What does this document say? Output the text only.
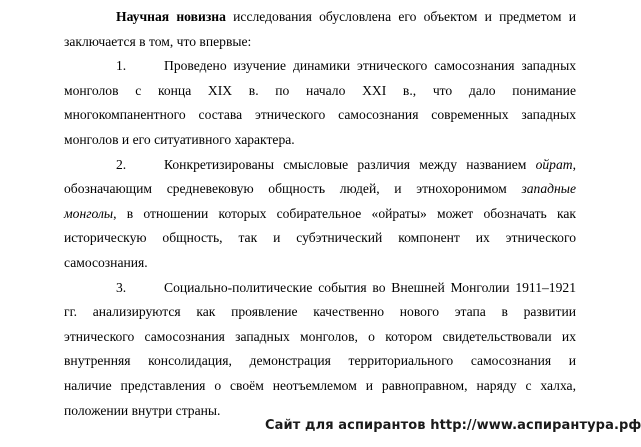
Научная новизна исследования обусловлена его объектом и предметом и
заключается в том, что впервые:
1.	Проведено изучение динамики этнического самосознания западных
монголов с конца XIX в. по начало XXI в., что дало понимание
многокомпанентного состава этнического самосознания современных западных
монголов и его ситуативного характера.
2.	Конкретизированы смысловые различия между названием ойрат,
обозначающим средневековую общность людей, и этнохоронимом западные
монголы, в отношении которых собирательное «ойраты» может обозначать как
историческую общность, так и субэтнический компонент их этнического
самосознания.
3.	Социально-политические события во Внешней Монголии 1911–1921
гг. анализируются как проявление качественно нового этапа в развитии
этнического самосознания западных монголов, о котором свидетельствовали их
внутренняя консолидация, демонстрация территориального самосознания и
наличие представления о своём неотъемлемом и равноправном, наряду с халха,
положении внутри страны.
Сайт для аспирантов http://www.аспирантура.рф
